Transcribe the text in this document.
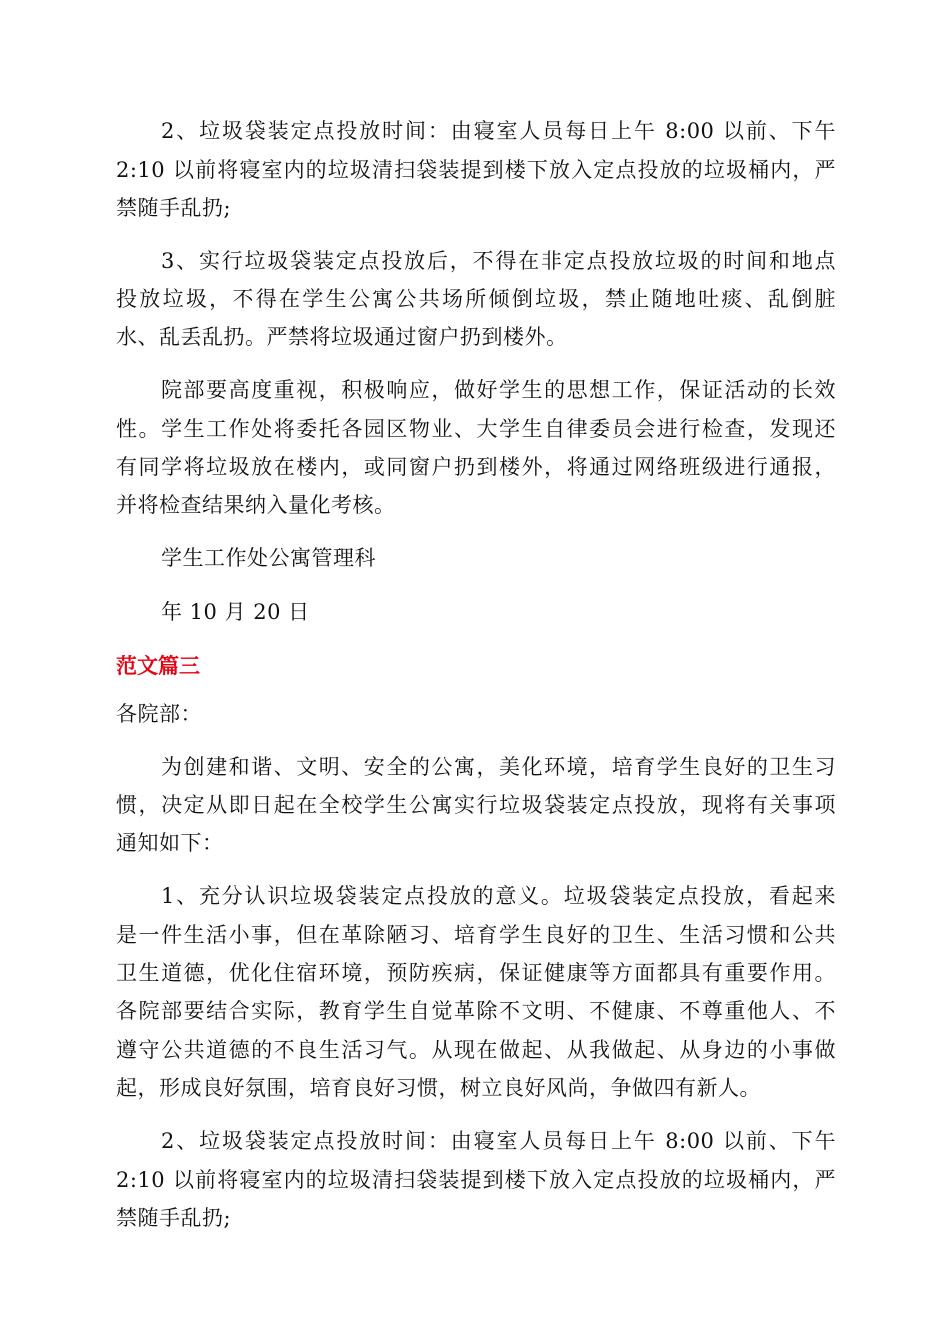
2、垃圾袋装定点投放时间：由寝室人员每日上午 8:00 以前、下午
2:10 以前将寝室内的垃圾清扫袋装提到楼下放入定点投放的垃圾桶内，严
禁随手乱扔;
3、实行垃圾袋装定点投放后，不得在非定点投放垃圾的时间和地点
投放垃圾，不得在学生公寓公共场所倾倒垃圾，禁止随地吐痰、乱倒脏
水、乱丢乱扔。严禁将垃圾通过窗户扔到楼外。
院部要高度重视，积极响应，做好学生的思想工作，保证活动的长效
性。学生工作处将委托各园区物业、大学生自律委员会进行检查，发现还
有同学将垃圾放在楼内，或同窗户扔到楼外，将通过网络班级进行通报，
并将检查结果纳入量化考核。
学生工作处公寓管理科
年 10 月 20 日
范文篇三
各院部：
为创建和谐、文明、安全的公寓，美化环境，培育学生良好的卫生习
惯，决定从即日起在全校学生公寓实行垃圾袋装定点投放，现将有关事项
通知如下：
1、充分认识垃圾袋装定点投放的意义。垃圾袋装定点投放，看起来
是一件生活小事，但在革除陋习、培育学生良好的卫生、生活习惯和公共
卫生道德，优化住宿环境，预防疾病，保证健康等方面都具有重要作用。
各院部要结合实际，教育学生自觉革除不文明、不健康、不尊重他人、不
遵守公共道德的不良生活习气。从现在做起、从我做起、从身边的小事做
起，形成良好氛围，培育良好习惯，树立良好风尚，争做四有新人。
2、垃圾袋装定点投放时间：由寝室人员每日上午 8:00 以前、下午
2:10 以前将寝室内的垃圾清扫袋装提到楼下放入定点投放的垃圾桶内，严
禁随手乱扔;
